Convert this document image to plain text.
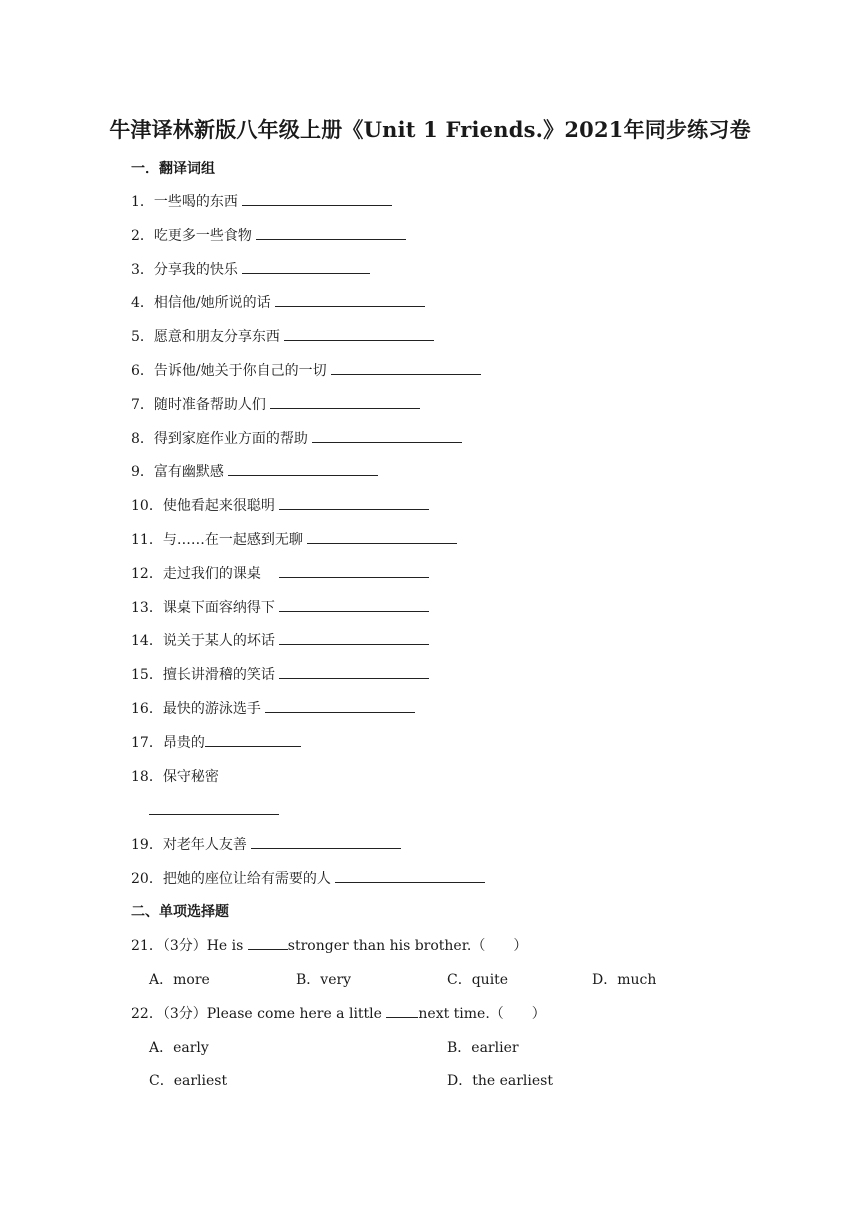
牛津译林新版八年级上册《Unit 1 Friends.》2021年同步练习卷
一．翻译词组
1．一些喝的东西
2．吃更多一些食物
3．分享我的快乐
4．相信他/她所说的话
5．愿意和朋友分享东西
6．告诉他/她关于你自己的一切
7．随时准备帮助人们
8．得到家庭作业方面的帮助
9．富有幽默感
10．使他看起来很聪明
11．与……在一起感到无聊
12．走过我们的课桌
13．课桌下面容纳得下
14．说关于某人的坏话
15．擅长讲滑稽的笑话
16．最快的游泳选手
17．昂贵的
18．保守秘密
19．对老年人友善
20．把她的座位让给有需要的人
二、单项选择题
21．（3分）He is	stronger than his brother.（　　）
A．more	B．very	C．quite	D．much
22．（3分）Please come here a little next time.（　　）
A．early	B．earlier
C．earliest	D．the earliest
